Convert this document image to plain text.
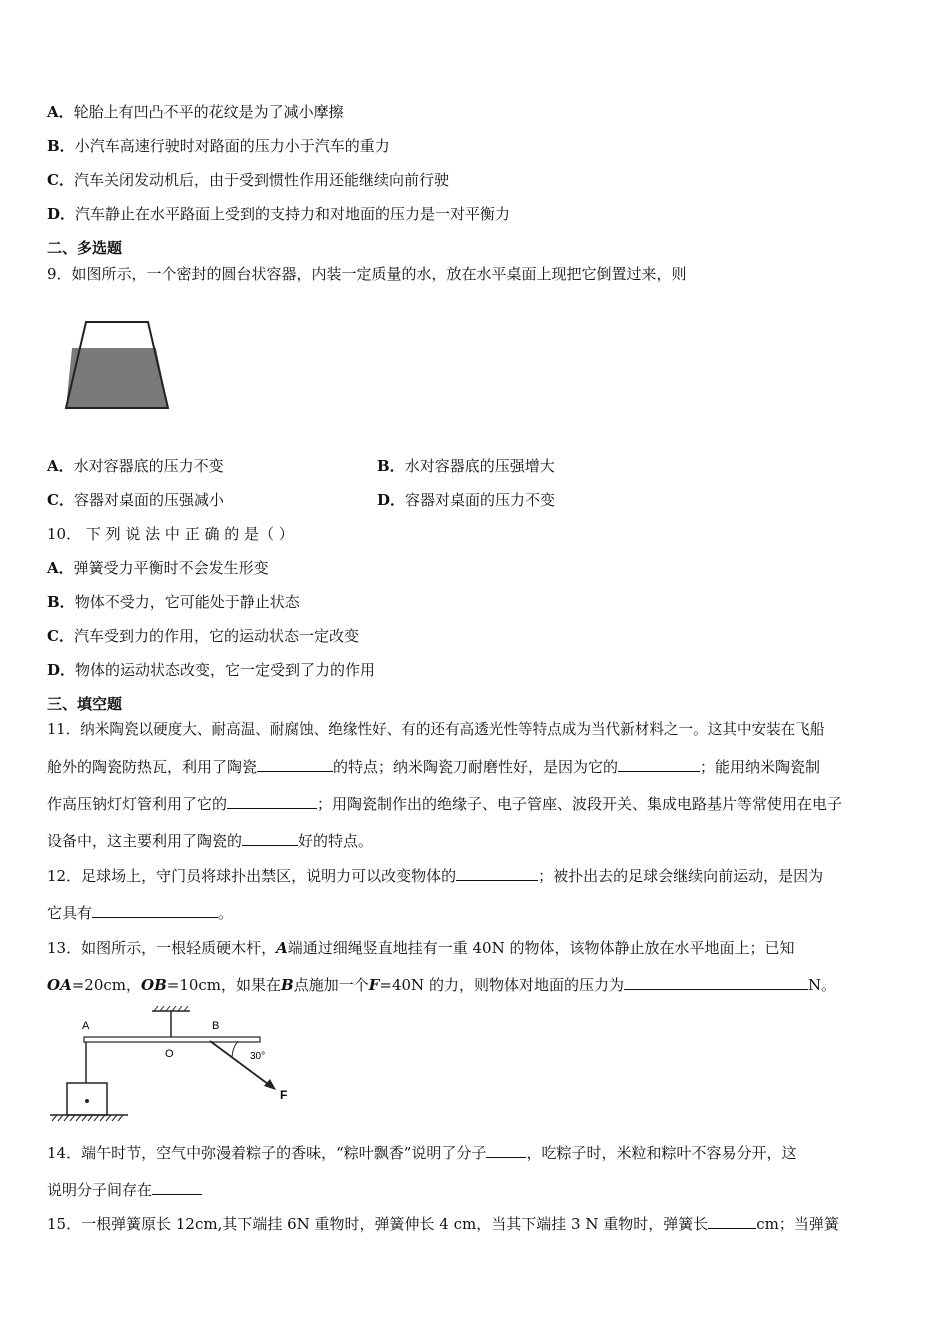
A．轮胎上有凹凸不平的花纹是为了减小摩擦
B．小汽车高速行驶时对路面的压力小于汽车的重力
C．汽车关闭发动机后，由于受到惯性作用还能继续向前行驶
D．汽车静止在水平路面上受到的支持力和对地面的压力是一对平衡力
二、多选题
9．如图所示，一个密封的圆台状容器，内装一定质量的水，放在水平桌面上现把它倒置过来，则
A．水对容器底的压力不变	B．水对容器底的压强增大
C．容器对桌面的压强减小	D．容器对桌面的压力不变
10． 下 列 说 法 中 正 确 的 是（ ）
A．弹簧受力平衡时不会发生形变
B．物体不受力，它可能处于静止状态
C．汽车受到力的作用，它的运动状态一定改变
D．物体的运动状态改变，它一定受到了力的作用
三、填空题
11．纳米陶瓷以硬度大、耐高温、耐腐蚀、绝缘性好、有的还有高透光性等特点成为当代新材料之一。这其中安装在飞船
舱外的陶瓷防热瓦，利用了陶瓷	的特点；纳米陶瓷刀耐磨性好，是因为它的	；能用纳米陶瓷制
作高压钠灯灯管利用了它的	；用陶瓷制作出的绝缘子、电子管座、波段开关、集成电路基片等常使用在电子
设备中，这主要利用了陶瓷的	好的特点。
12．足球场上，守门员将球扑出禁区，说明力可以改变物体的	；被扑出去的足球会继续向前运动，是因为
它具有	。
13．如图所示，一根轻质硬木杆，A端通过细绳竖直地挂有一重 40N 的物体，该物体静止放在水平地面上；已知
OA=20cm，OB=10cm，如果在B点施加一个F=40N 的力，则物体对地面的压力为	N。
A
O
B
30°
F
14．端午时节，空气中弥漫着粽子的香味，“粽叶飘香”说明了分子	，吃粽子时，米粒和粽叶不容易分开，这
说明分子间存在
15．一根弹簧原长 12cm,其下端挂 6N 重物时，弹簧伸长 4 cm，当其下端挂 3 N 重物时，弹簧长	cm；当弹簧
